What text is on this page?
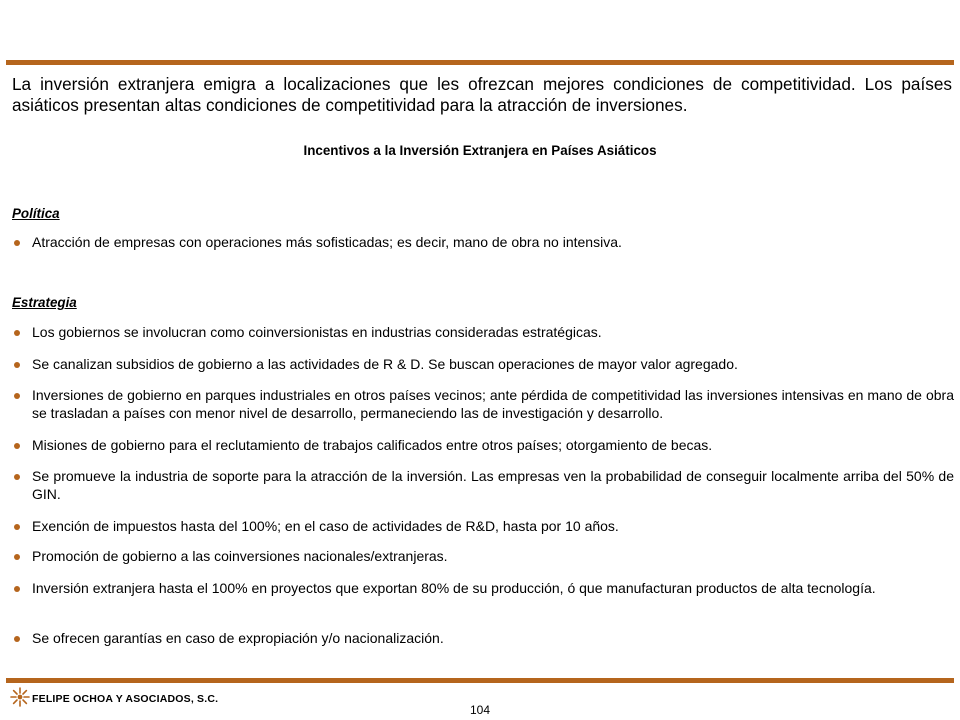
La inversión extranjera emigra a localizaciones que les ofrezcan mejores condiciones de competitividad. Los países asiáticos presentan altas condiciones de competitividad para la atracción de inversiones.

Incentivos a la Inversión Extranjera en Países Asiáticos
Política
Atracción de empresas con operaciones más sofisticadas; es decir, mano de obra no intensiva.
Estrategia
Los gobiernos se involucran como coinversionistas en industrias consideradas estratégicas.
Se canalizan subsidios de gobierno a las actividades de R & D. Se buscan operaciones de mayor valor agregado.
Inversiones de gobierno en parques industriales en otros países vecinos; ante pérdida de competitividad las inversiones intensivas en mano de obra se trasladan a países con menor nivel de desarrollo, permaneciendo las de investigación y desarrollo.
Misiones de gobierno para el reclutamiento de trabajos calificados entre otros países; otorgamiento de becas.
Se promueve la industria de soporte para la atracción de la inversión. Las empresas ven la probabilidad de conseguir localmente arriba del 50% de GIN.
Exención de impuestos hasta del 100%; en el caso de actividades de R&D, hasta por 10 años.
Promoción de gobierno a las coinversiones nacionales/extranjeras.
Inversión extranjera hasta el 100% en proyectos que exportan 80% de su producción, ó que manufacturan productos de alta tecnología.
Se ofrecen garantías en caso de expropiación y/o nacionalización.
FELIPE OCHOA Y ASOCIADOS, S.C.
104
